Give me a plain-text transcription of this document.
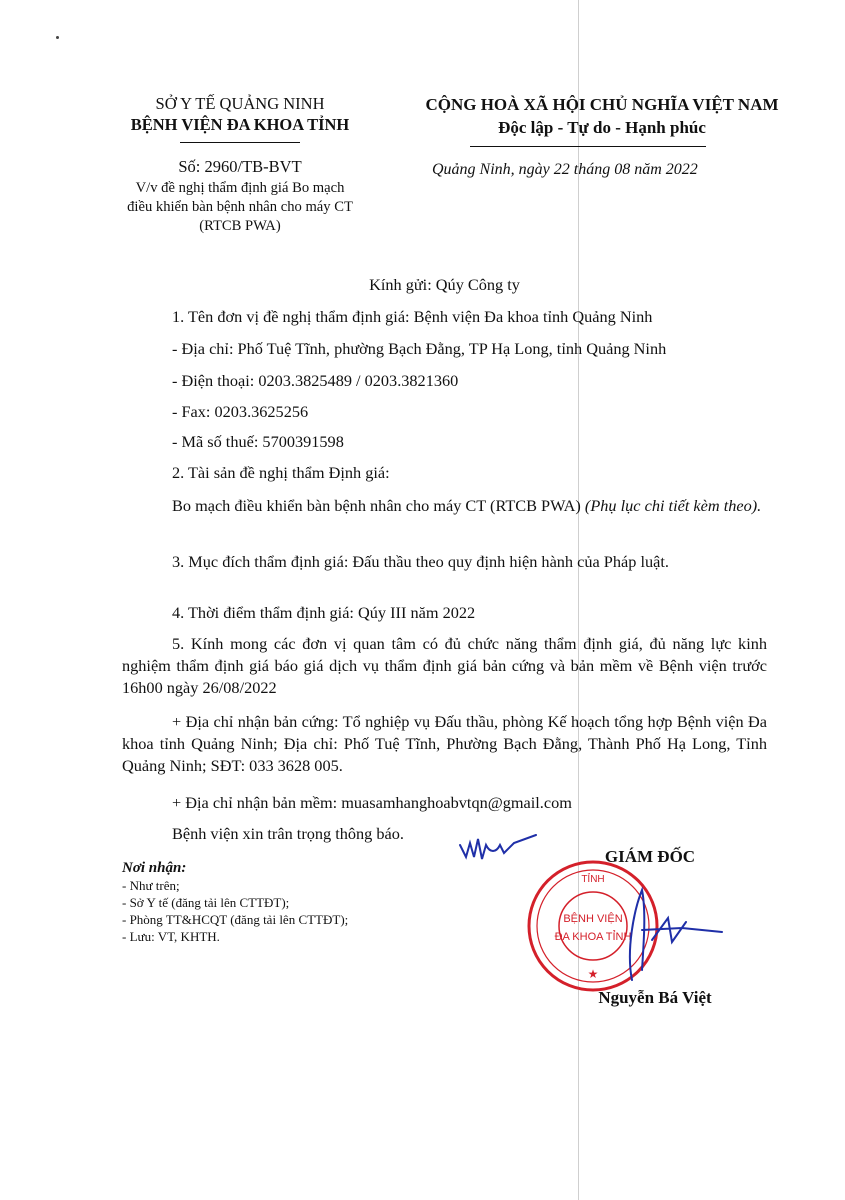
SỞ Y TẾ QUẢNG NINH
BỆNH VIỆN ĐA KHOA TỈNH
CỘNG HOÀ XÃ HỘI CHỦ NGHĨA VIỆT NAM
Độc lập - Tự do - Hạnh phúc
Số: 2960/TB-BVT
V/v đề nghị thẩm định giá Bo mạch
điều khiển bàn bệnh nhân cho máy CT
(RTCB PWA)
Quảng Ninh, ngày 22 tháng 08 năm 2022
Kính gửi: Qúy Công ty
1. Tên đơn vị đề nghị thẩm định giá: Bệnh viện Đa khoa tỉnh Quảng Ninh
- Địa chỉ: Phố Tuệ Tĩnh, phường Bạch Đằng, TP Hạ Long, tỉnh Quảng Ninh
- Điện thoại: 0203.3825489 / 0203.3821360
- Fax: 0203.3625256
- Mã số thuế: 5700391598
2. Tài sản đề nghị thẩm Định giá:
Bo mạch điều khiển bàn bệnh nhân cho máy CT (RTCB PWA) (Phụ lục chi tiết kèm theo).
3. Mục đích thẩm định giá: Đấu thầu theo quy định hiện hành của Pháp luật.
4. Thời điểm thẩm định giá: Qúy III năm 2022
5. Kính mong các đơn vị quan tâm có đủ chức năng thẩm định giá, đủ năng lực kinh nghiệm thẩm định giá báo giá dịch vụ thẩm định giá bản cứng và bản mềm về Bệnh viện trước 16h00 ngày 26/08/2022
+ Địa chỉ nhận bản cứng: Tổ nghiệp vụ Đấu thầu, phòng Kế hoạch tổng hợp Bệnh viện Đa khoa tỉnh Quảng Ninh; Địa chỉ: Phố Tuệ Tĩnh, Phường Bạch Đằng, Thành Phố Hạ Long, Tỉnh Quảng Ninh; SĐT: 033 3628 005.
+ Địa chỉ nhận bản mềm: muasamhanghoabvtqn@gmail.com
Bệnh viện xin trân trọng thông báo.
Nơi nhận:
- Như trên;
- Sở Y tế (đăng tải lên CTTĐT);
- Phòng TT&HCQT (đăng tải lên CTTĐT);
- Lưu: VT, KHTH.
TỈNH
BỆNH VIỆN
ĐA KHOA TỈNH
★
GIÁM ĐỐC
Nguyễn Bá Việt
